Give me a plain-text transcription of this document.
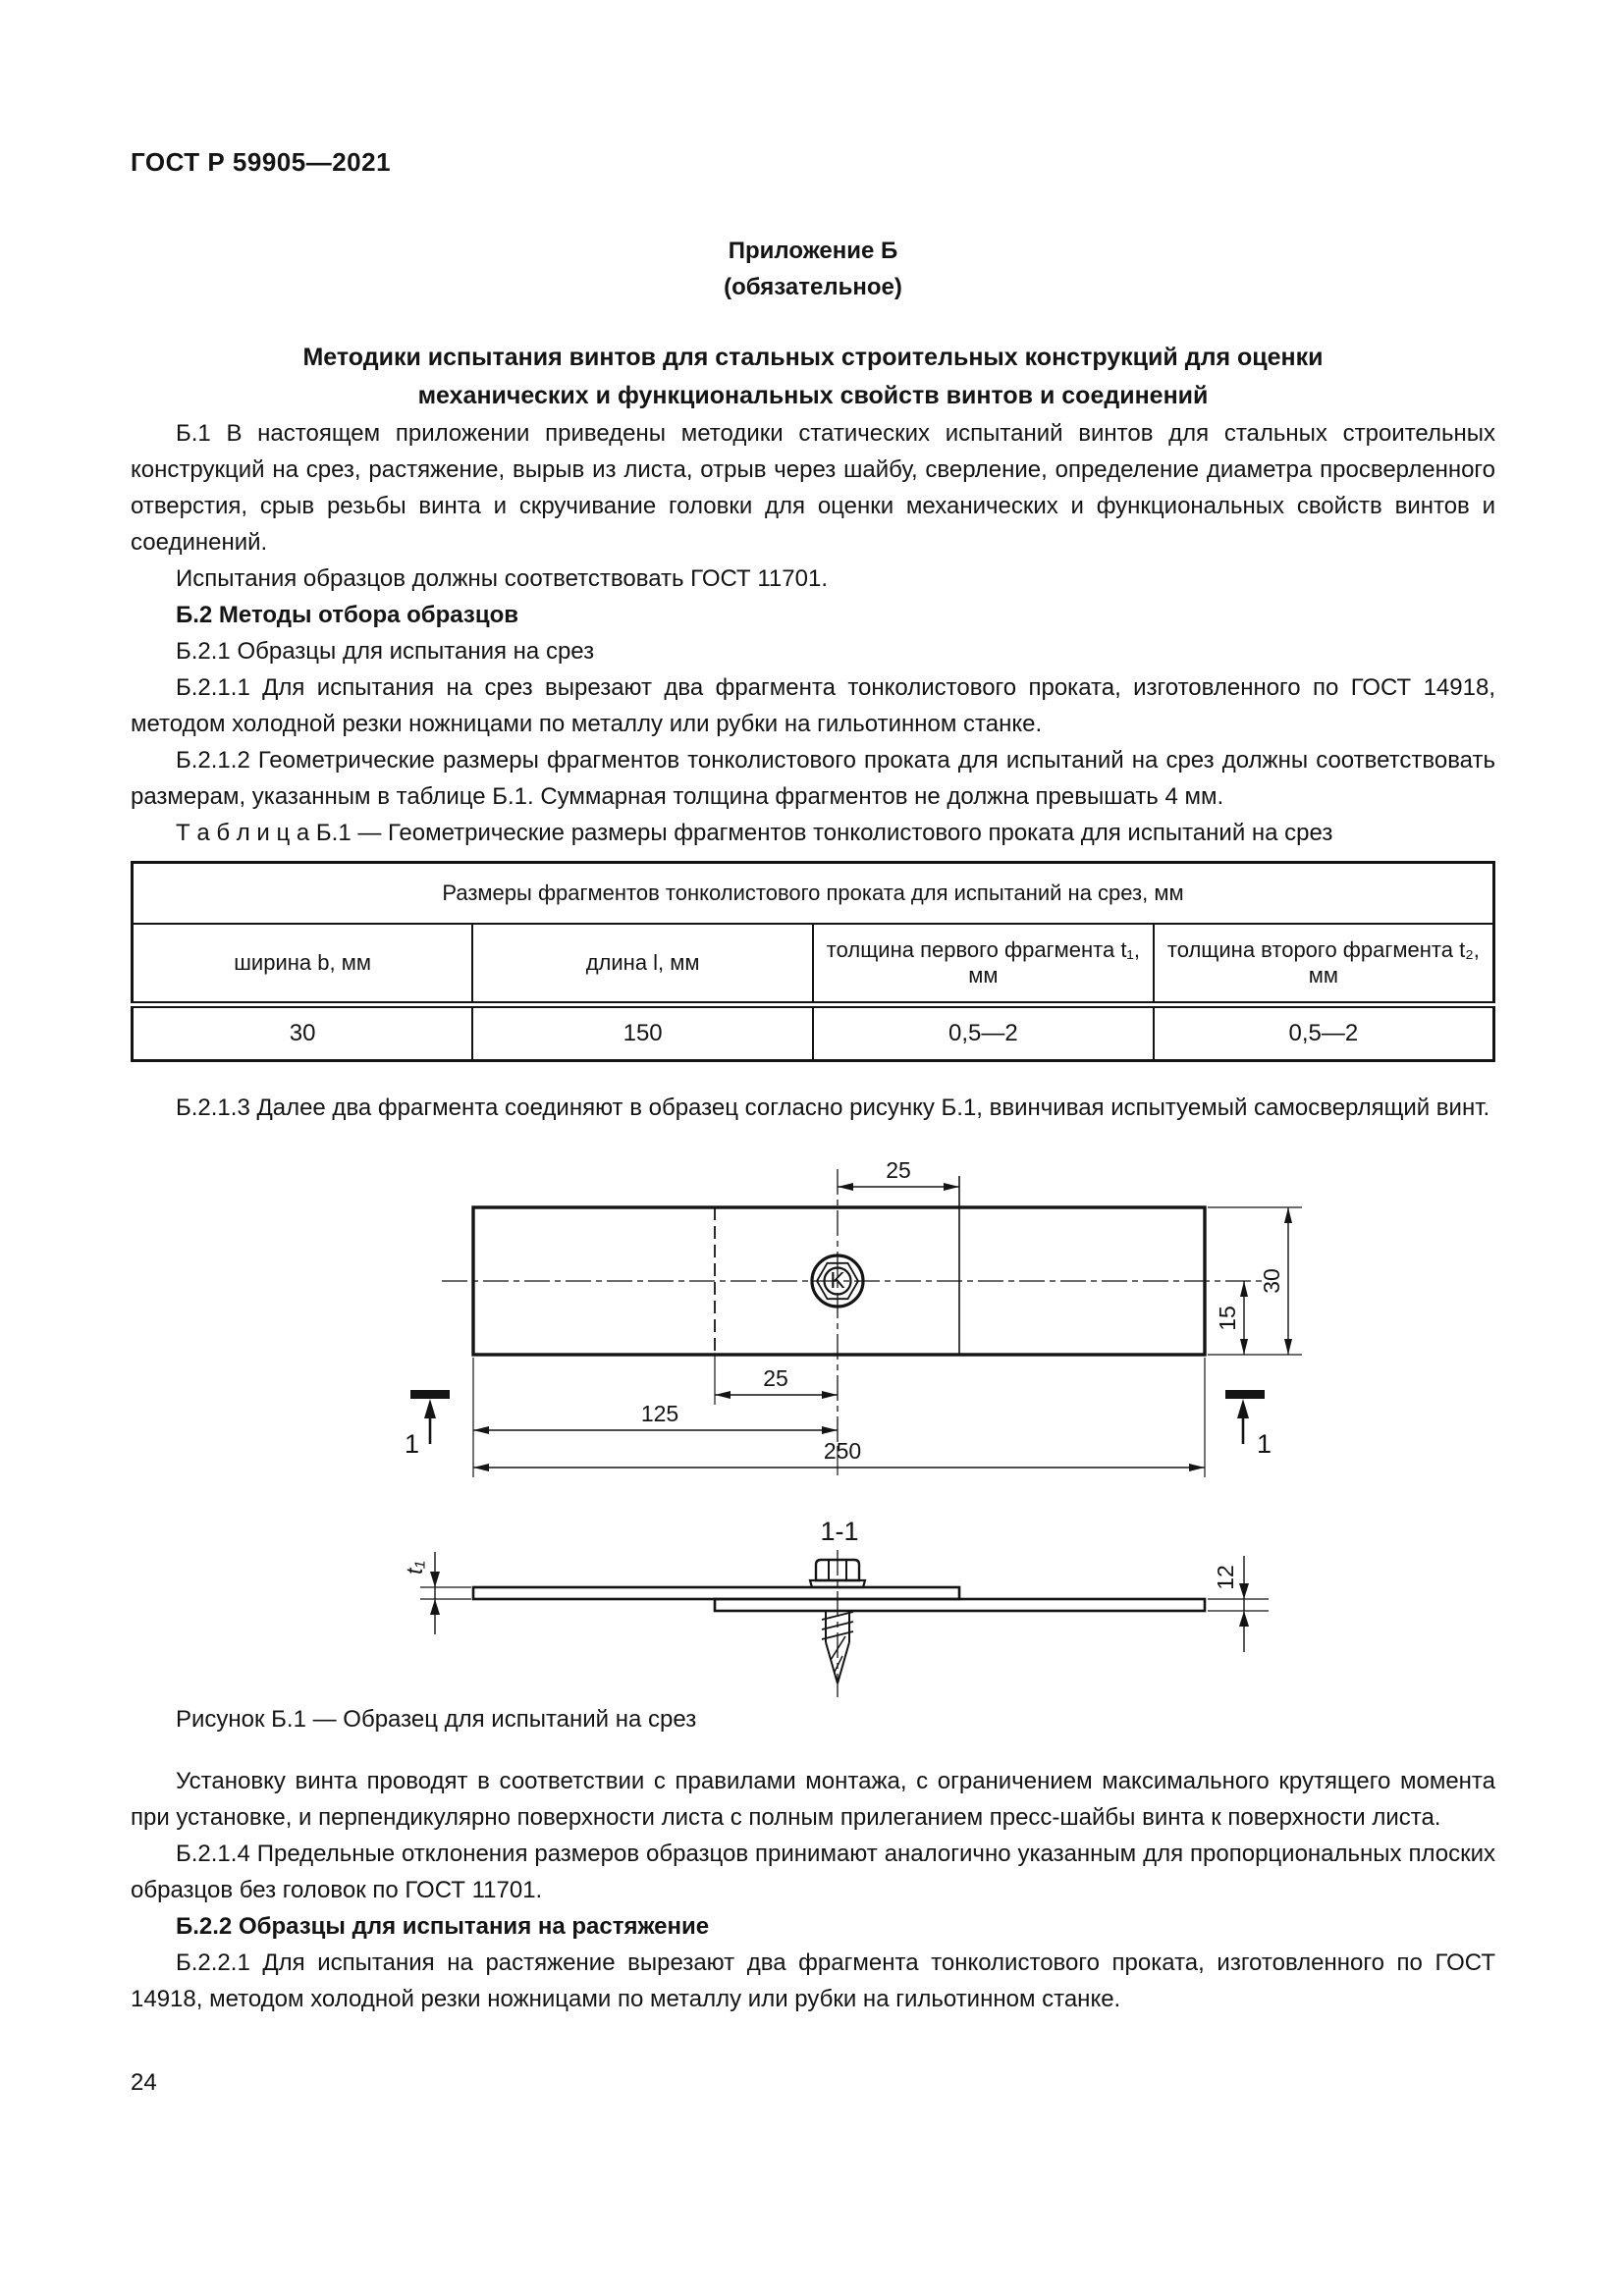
ГОСТ Р 59905—2021
Приложение Б
(обязательное)
Методики испытания винтов для стальных строительных конструкций для оценки
механических и функциональных свойств винтов и соединений

Б.1 В настоящем приложении приведены методики статических испытаний винтов для стальных строительных конструкций на срез, растяжение, вырыв из листа, отрыв через шайбу, сверление, определение диаметра просверленного отверстия, срыв резьбы винта и скручивание головки для оценки механических и функциональных свойств винтов и соединений.

Испытания образцов должны соответствовать ГОСТ 11701.

Б.2 Методы отбора образцов

Б.2.1 Образцы для испытания на срез

Б.2.1.1 Для испытания на срез вырезают два фрагмента тонколистового проката, изготовленного по ГОСТ 14918, методом холодной резки ножницами по металлу или рубки на гильотинном станке.

Б.2.1.2 Геометрические размеры фрагментов тонколистового проката для испытаний на срез должны соответствовать размерам, указанным в таблице Б.1. Суммарная толщина фрагментов не должна превышать 4 мм.

Т а б л и ц а Б.1 — Геометрические размеры фрагментов тонколистового проката для испытаний на срез

Размеры фрагментов тонколистового проката для испытаний на срез, мм			
ширина b, мм	длина l, мм	толщина первого фрагмента t₁, мм	толщина второго фрагмента t₂, мм
30	150	0,5—2	0,5—2

Б.2.1.3 Далее два фрагмента соединяют в образец согласно рисунку Б.1, ввинчивая испытуемый самосверлящий винт.

K
25
15
30
25
125
250
1	1
1-1
t₁	12

Рисунок Б.1 — Образец для испытаний на срез

Установку винта проводят в соответствии с правилами монтажа, с ограничением максимального крутящего момента при установке, и перпендикулярно поверхности листа с полным прилеганием пресс-шайбы винта к поверхности листа.

Б.2.1.4 Предельные отклонения размеров образцов принимают аналогично указанным для пропорциональных плоских образцов без головок по ГОСТ 11701.

Б.2.2 Образцы для испытания на растяжение

Б.2.2.1 Для испытания на растяжение вырезают два фрагмента тонколистового проката, изготовленного по ГОСТ 14918, методом холодной резки ножницами по металлу или рубки на гильотинном станке.

24
